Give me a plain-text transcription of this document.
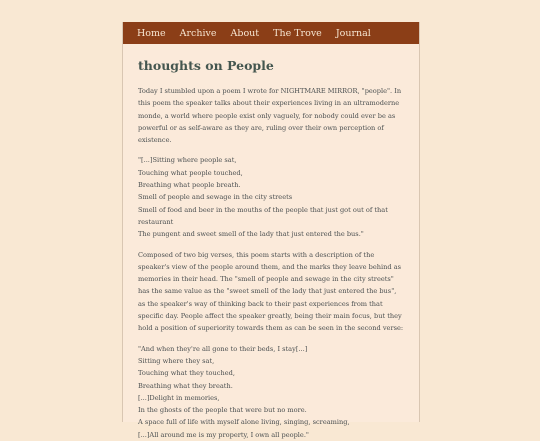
Home Archive About The Trove Journal
thoughts on People

Today I stumbled upon a poem I wrote for NIGHTMARE MIRROR, "people". In this poem the speaker talks about their experiences living in an ultramoderne monde, a world where people exist only vaguely, for nobody could ever be as powerful or as self-aware as they are, ruling over their own perception of existence.

"[...]Sitting where people sat,
Touching what people touched,
Breathing what people breath.
Smell of people and sewage in the city streets
Smell of food and beer in the mouths of the people that just got out of that restaurant
The pungent and sweet smell of the lady that just entered the bus."

Composed of two big verses, this poem starts with a description of the speaker's view of the people around them, and the marks they leave behind as memories in their head. The "smell of people and sewage in the city streets" has the same value as the "sweet smell of the lady that just entered the bus", as the speaker's way of thinking back to their past experiences from that specific day. People affect the speaker greatly, being their main focus, but they hold a position of superiority towards them as can be seen in the second verse:

"And when they're all gone to their beds, I stay[...]
Sitting where they sat,
Touching what they touched,
Breathing what they breath.
[...]Delight in memories,
In the ghosts of the people that were but no more.
A space full of life with myself alone living, singing, screaming,
[...]All around me is my property, I own all people."
